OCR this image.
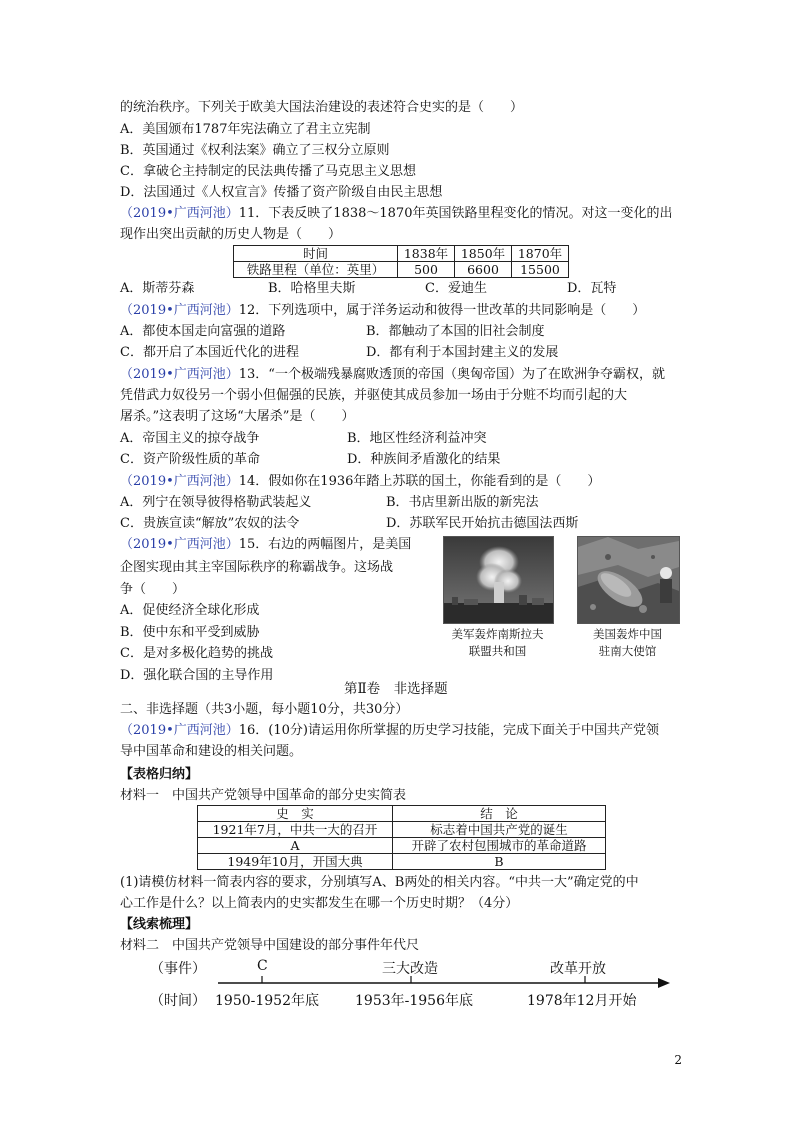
的统治秩序。下列关于欧美大国法治建设的表述符合史实的是（　　）
A．美国颁布1787年宪法确立了君主立宪制
B．英国通过《权利法案》确立了三权分立原则
C．拿破仑主持制定的民法典传播了马克思主义思想
D．法国通过《人权宣言》传播了资产阶级自由民主思想
（2019•广西河池）11．下表反映了1838～1870年英国铁路里程变化的情况。对这一变化的出
现作出突出贡献的历史人物是（　　）
时间	1838年	1850年	1870年
铁路里程（单位：英里）	500	6600	15500
A．斯蒂芬森	B．哈格里夫斯	C．爱迪生	D．瓦特
（2019•广西河池）12．下列选项中，属于洋务运动和彼得一世改革的共同影响是（　　）
A．都使本国走向富强的道路	B．都触动了本国的旧社会制度
C．都开启了本国近代化的进程	D．都有利于本国封建主义的发展
（2019•广西河池）13．“一个极端残暴腐败透顶的帝国（奥匈帝国）为了在欧洲争夺霸权，就
凭借武力奴役另一个弱小但倔强的民族，并驱使其成员参加一场由于分赃不均而引起的大
屠杀。”这表明了这场“大屠杀”是（　　）
A．帝国主义的掠夺战争	B．地区性经济利益冲突
C．资产阶级性质的革命	D．种族间矛盾激化的结果
（2019•广西河池）14．假如你在1936年踏上苏联的国土，你能看到的是（　　）
A．列宁在领导彼得格勒武装起义	B．书店里新出版的新宪法
C．贵族宣读“解放”农奴的法令	D．苏联军民开始抗击德国法西斯
（2019•广西河池）15．右边的两幅图片，是美国
企图实现由其主宰国际秩序的称霸战争。这场战
争（　　）
A．促使经济全球化形成
B．使中东和平受到威胁
C．是对多极化趋势的挑战
D．强化联合国的主导作用
美军轰炸南斯拉夫
联盟共和国
美国轰炸中国
驻南大使馆
第Ⅱ卷　非选择题
二、非选择题（共3小题，每小题10分，共30分）
（2019•广西河池）16．(10分)请运用你所掌握的历史学习技能，完成下面关于中国共产党领
导中国革命和建设的相关问题。
【表格归纳】
材料一　中国共产党领导中国革命的部分史实简表
史　实	结　论
1921年7月，中共一大的召开	标志着中国共产党的诞生
A	开辟了农村包围城市的革命道路
1949年10月，开国大典	B
(1)请模仿材料一简表内容的要求，分别填写A、B两处的相关内容。“中共一大”确定党的中
心工作是什么？以上简表内的史实都发生在哪一个历史时期？（4分）
【线索梳理】
材料二　中国共产党领导中国建设的部分事件年代尺
（事件）
（时间）
C	三大改造	改革开放
1950-1952年底	1953年-1956年底	1978年12月开始
2
